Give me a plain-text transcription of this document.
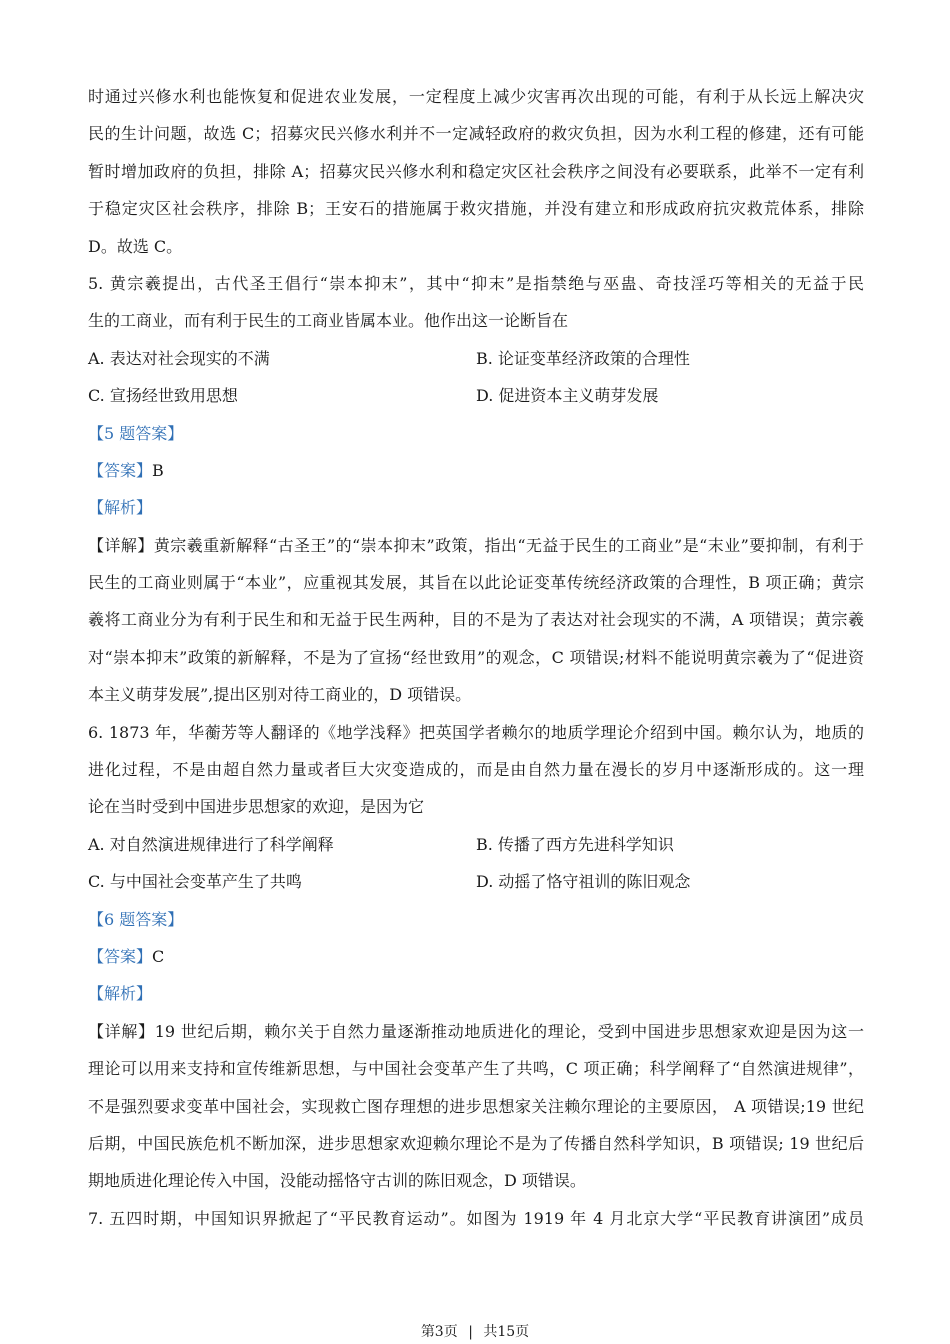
时通过兴修水利也能恢复和促进农业发展，一定程度上减少灾害再次出现的可能，有利于从长远上解决灾
民的生计问题，故选 C；招募灾民兴修水利并不一定减轻政府的救灾负担，因为水利工程的修建，还有可能
暂时增加政府的负担，排除 A；招募灾民兴修水利和稳定灾区社会秩序之间没有必要联系，此举不一定有利
于稳定灾区社会秩序，排除 B；王安石的措施属于救灾措施，并没有建立和形成政府抗灾救荒体系，排除
D。故选 C。
5. 黄宗羲提出，古代圣王倡行“崇本抑末”，其中“抑末”是指禁绝与巫蛊、奇技淫巧等相关的无益于民
生的工商业，而有利于民生的工商业皆属本业。他作出这一论断旨在
A. 表达对社会现实的不满	B. 论证变革经济政策的合理性
C. 宣扬经世致用思想	D. 促进资本主义萌芽发展
【5 题答案】
【答案】B
【解析】
【详解】黄宗羲重新解释“古圣王”的“崇本抑末”政策，指出“无益于民生的工商业”是“末业”要抑制，有利于
民生的工商业则属于“本业”，应重视其发展，其旨在以此论证变革传统经济政策的合理性，B 项正确；黄宗
羲将工商业分为有利于民生和和无益于民生两种，目的不是为了表达对社会现实的不满，A 项错误；黄宗羲
对“崇本抑末”政策的新解释，不是为了宣扬“经世致用”的观念，C 项错误;材料不能说明黄宗羲为了“促进资
本主义萌芽发展”,提出区别对待工商业的，D 项错误。
6. 1873 年，华蘅芳等人翻译的《地学浅释》把英国学者赖尔的地质学理论介绍到中国。赖尔认为，地质的
进化过程，不是由超自然力量或者巨大灾变造成的，而是由自然力量在漫长的岁月中逐渐形成的。这一理
论在当时受到中国进步思想家的欢迎，是因为它
A. 对自然演进规律进行了科学阐释	B. 传播了西方先进科学知识
C. 与中国社会变革产生了共鸣	D. 动摇了恪守祖训的陈旧观念
【6 题答案】
【答案】C
【解析】
【详解】19 世纪后期，赖尔关于自然力量逐渐推动地质进化的理论，受到中国进步思想家欢迎是因为这一
理论可以用来支持和宣传维新思想，与中国社会变革产生了共鸣，C 项正确；科学阐释了“自然演进规律”，
不是强烈要求变革中国社会，实现救亡图存理想的进步思想家关注赖尔理论的主要原因， A 项错误;19 世纪
后期，中国民族危机不断加深，进步思想家欢迎赖尔理论不是为了传播自然科学知识，B 项错误; 19 世纪后
期地质进化理论传入中国，没能动摇恪守古训的陈旧观念，D 项错误。
7. 五四时期，中国知识界掀起了“平民教育运动”。如图为 1919 年 4 月北京大学“平民教育讲演团”成员
第3页 | 共15页
